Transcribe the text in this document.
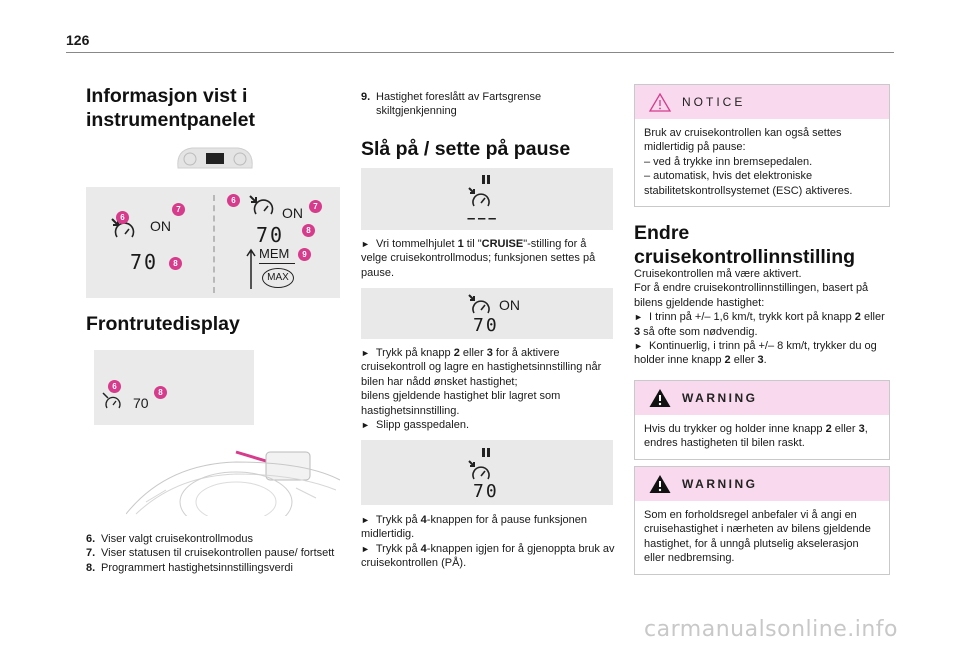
126
Informasjon vist i instrumentpanelet
ON
70
6
7
8
ON
70
MEM
MAX
6
7
8
9
Frontrutedisplay
70
6
8
6. Viser valgt cruisekontrollmodus
7. Viser statusen til cruisekontrollen pause/ fortsett
8. Programmert hastighetsinnstillingsverdi
9. Hastighet foreslått av Fartsgrense skiltgjenkjenning
Slå på / sette på pause
– – –

► Vri tommelhjulet 1 til "CRUISE"-stilling for å velge cruisekontrollmodus; funksjonen settes på pause.

ON
70

► Trykk på knapp 2 eller 3 for å aktivere cruisekontroll og lagre en hastighetsinnstilling når bilen har nådd ønsket hastighet;

bilens gjeldende hastighet blir lagret som hastighetsinnstilling.

► Slipp gasspedalen.

70

► Trykk på 4-knappen for å pause funksjonen midlertidig.

► Trykk på 4-knappen igjen for å gjenoppta bruk av cruisekontrollen (PÅ).

NOTICE

Bruk av cruisekontrollen kan også settes midlertidig på pause:

– ved å trykke inn bremsepedalen.

– automatisk, hvis det elektroniske stabilitetskontrollsystemet (ESC) aktiveres.

Endre cruisekontrollinnstilling

Cruisekontrollen må være aktivert.

For å endre cruisekontrollinnstillingen, basert på bilens gjeldende hastighet:

► I trinn på +/– 1,6 km/t, trykk kort på knapp 2 eller 3 så ofte som nødvendig.

► Kontinuerlig, i trinn på +/– 8 km/t, trykker du og holder inne knapp 2 eller 3.

WARNING

Hvis du trykker og holder inne knapp 2 eller 3, endres hastigheten til bilen raskt.

WARNING

Som en forholdsregel anbefaler vi å angi en cruisehastighet i nærheten av bilens gjeldende hastighet, for å unngå plutselig akselerasjon eller nedbremsing.

carmanualsonline.info
